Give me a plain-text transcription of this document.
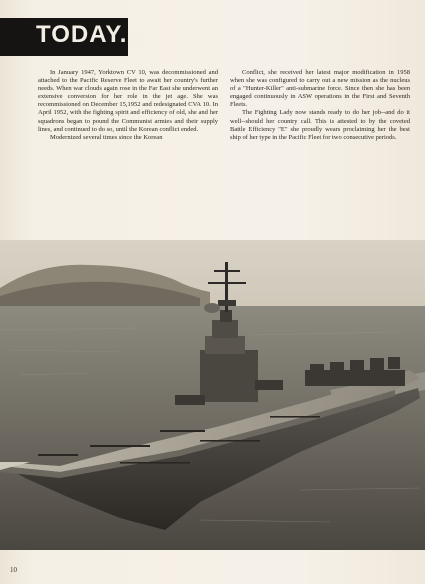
TODAY...

In January 1947, Yorktown CV 10, was decommissioned and attached to the Pacific Reserve Fleet to await her country's further needs. When war clouds again rose in the Far East she underwent an extensive conversion for her role in the jet age. She was recommissioned on December 15,1952 and redesignated CVA 10. In April 1952, with the fighting spirit and efficiency of old, she and her squadrons began to pound the Communist armies and their supply lines, and continued to do so, until the Korean conflict ended.

Modernized several times since the Korean

Conflict, she received her latest major modification in 1958 when she was configured to carry out a new mission as the nucleus of a "Hunter-Killer" anti-submarine force. Since then she has been engaged continuously in ASW operations in the First and Seventh Fleets.

The Fighting Lady now stands ready to do her job--and do it well--should her country call. This is attested to by the coveted Battle Efficiency "E" she proudly wears proclaiming her the best ship of her type in the Pacific Fleet for two consecutive periods.

10
